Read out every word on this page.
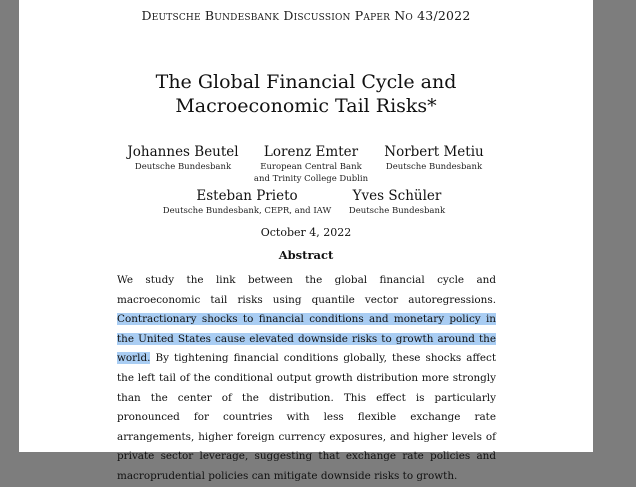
Deutsche Bundesbank Discussion Paper No 43/2022
The Global Financial Cycle and
Macroeconomic Tail Risks*
Johannes Beutel
Deutsche Bundesbank
Lorenz Emter
European Central Bank
and Trinity College Dublin
Norbert Metiu
Deutsche Bundesbank
Esteban Prieto
Deutsche Bundesbank, CEPR, and IAW
Yves Schüler
Deutsche Bundesbank
October 4, 2022
Abstract
We study the link between the global financial cycle and macroeconomic tail risks using quantile vector autoregressions. Contractionary shocks to financial conditions and monetary policy in the United States cause elevated downside risks to growth around the world. By tightening financial conditions globally, these shocks affect the left tail of the conditional output growth distribution more strongly than the center of the distribution. This effect is particularly pronounced for countries with less flexible exchange rate arrangements, higher foreign currency exposures, and higher levels of private sector leverage, suggesting that exchange rate policies and macroprudential policies can mitigate downside risks to growth.
